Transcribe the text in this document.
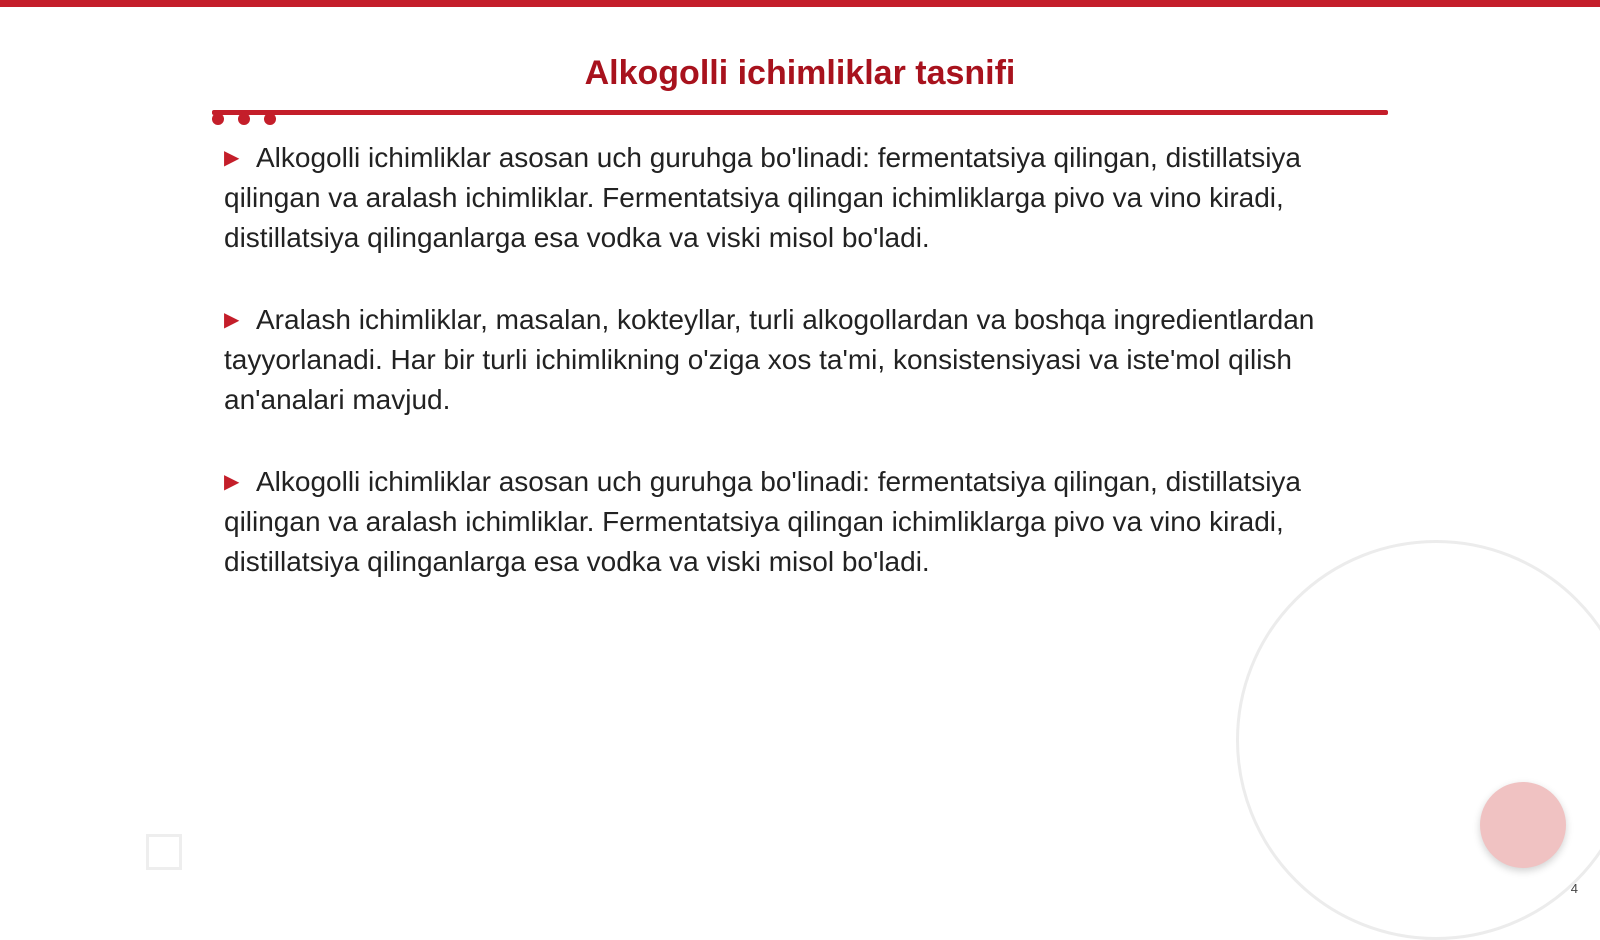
Alkogolli ichimliklar tasnifi

▶ Alkogolli ichimliklar asosan uch guruhga bo'linadi: fermentatsiya qilingan, distillatsiya qilingan va aralash ichimliklar. Fermentatsiya qilingan ichimliklarga pivo va vino kiradi, distillatsiya qilinganlarga esa vodka va viski misol bo'ladi.

▶ Aralash ichimliklar, masalan, kokteyllar, turli alkogollardan va boshqa ingredientlardan tayyorlanadi. Har bir turli ichimlikning o'ziga xos ta'mi, konsistensiyasi va iste'mol qilish an'analari mavjud.

▶ Alkogolli ichimliklar asosan uch guruhga bo'linadi: fermentatsiya qilingan, distillatsiya qilingan va aralash ichimliklar. Fermentatsiya qilingan ichimliklarga pivo va vino kiradi, distillatsiya qilinganlarga esa vodka va viski misol bo'ladi.

4
